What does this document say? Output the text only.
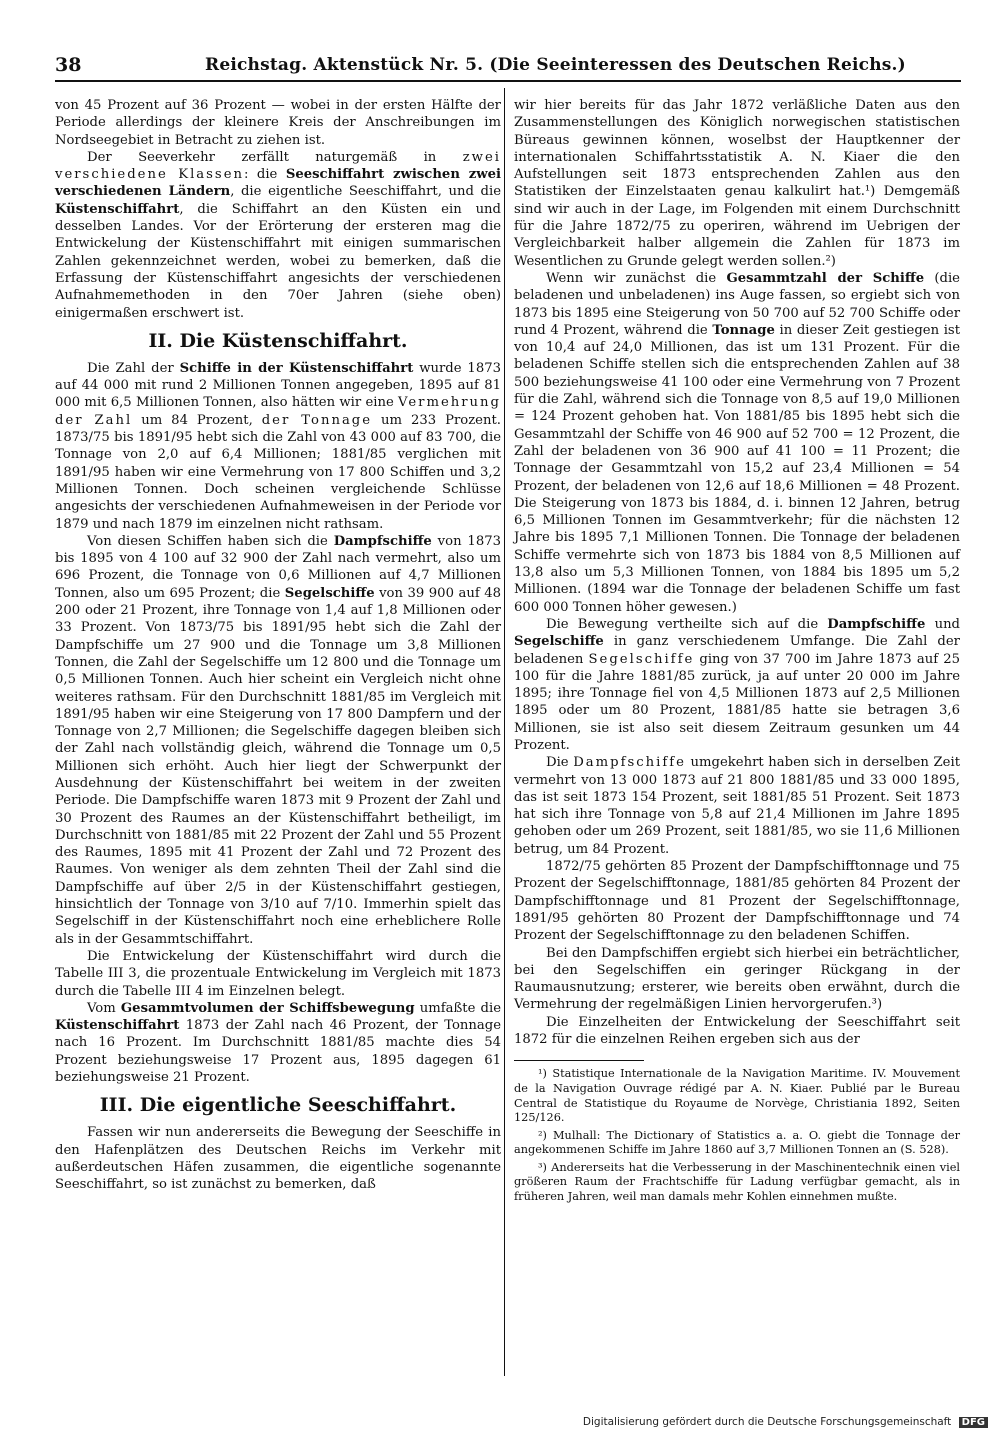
38	Reichstag. Aktenstück Nr. 5. (Die Seeinteressen des Deutschen Reichs.)

von 45 Prozent auf 36 Prozent — wobei in der ersten Hälfte der Periode allerdings der kleinere Kreis der Anschreibungen im Nordseegebiet in Betracht zu ziehen ist.

Der Seeverkehr zerfällt naturgemäß in zwei verschiedene Klassen: die Seeschiffahrt zwischen zwei verschiedenen Ländern, die eigentliche Seeschiffahrt, und die Küstenschiffahrt, die Schiffahrt an den Küsten ein und desselben Landes. Vor der Erörterung der ersteren mag die Entwickelung der Küstenschiffahrt mit einigen summarischen Zahlen gekennzeichnet werden, wobei zu bemerken, daß die Erfassung der Küstenschiffahrt angesichts der verschiedenen Aufnahmemethoden in den 70er Jahren (siehe oben) einigermaßen erschwert ist.

II. Die Küstenschiffahrt.

Die Zahl der Schiffe in der Küstenschiffahrt wurde 1873 auf 44 000 mit rund 2 Millionen Tonnen angegeben, 1895 auf 81 000 mit 6,5 Millionen Tonnen, also hätten wir eine Vermehrung der Zahl um 84 Prozent, der Tonnage um 233 Prozent. 1873/75 bis 1891/95 hebt sich die Zahl von 43 000 auf 83 700, die Tonnage von 2,0 auf 6,4 Millionen; 1881/85 verglichen mit 1891/95 haben wir eine Vermehrung von 17 800 Schiffen und 3,2 Millionen Tonnen. Doch scheinen vergleichende Schlüsse angesichts der verschiedenen Aufnahmeweisen in der Periode vor 1879 und nach 1879 im einzelnen nicht rathsam.

Von diesen Schiffen haben sich die Dampfschiffe von 1873 bis 1895 von 4 100 auf 32 900 der Zahl nach vermehrt, also um 696 Prozent, die Tonnage von 0,6 Millionen auf 4,7 Millionen Tonnen, also um 695 Prozent; die Segelschiffe von 39 900 auf 48 200 oder 21 Prozent, ihre Tonnage von 1,4 auf 1,8 Millionen oder 33 Prozent. Von 1873/75 bis 1891/95 hebt sich die Zahl der Dampfschiffe um 27 900 und die Tonnage um 3,8 Millionen Tonnen, die Zahl der Segelschiffe um 12 800 und die Tonnage um 0,5 Millionen Tonnen. Auch hier scheint ein Vergleich nicht ohne weiteres rathsam. Für den Durchschnitt 1881/85 im Vergleich mit 1891/95 haben wir eine Steigerung von 17 800 Dampfern und der Tonnage von 2,7 Millionen; die Segelschiffe dagegen bleiben sich der Zahl nach vollständig gleich, während die Tonnage um 0,5 Millionen sich erhöht. Auch hier liegt der Schwerpunkt der Ausdehnung der Küstenschiffahrt bei weitem in der zweiten Periode. Die Dampfschiffe waren 1873 mit 9 Prozent der Zahl und 30 Prozent des Raumes an der Küstenschiffahrt betheiligt, im Durchschnitt von 1881/85 mit 22 Prozent der Zahl und 55 Prozent des Raumes, 1895 mit 41 Prozent der Zahl und 72 Prozent des Raumes. Von weniger als dem zehnten Theil der Zahl sind die Dampfschiffe auf über 2/5 in der Küstenschiffahrt gestiegen, hinsichtlich der Tonnage von 3/10 auf 7/10. Immerhin spielt das Segelschiff in der Küstenschiffahrt noch eine erheblichere Rolle als in der Gesammtschiffahrt.

Die Entwickelung der Küstenschiffahrt wird durch die Tabelle III 3, die prozentuale Entwickelung im Vergleich mit 1873 durch die Tabelle III 4 im Einzelnen belegt.

Vom Gesammtvolumen der Schiffsbewegung umfaßte die Küstenschiffahrt 1873 der Zahl nach 46 Prozent, der Tonnage nach 16 Prozent. Im Durchschnitt 1881/85 machte dies 54 Prozent beziehungsweise 17 Prozent aus, 1895 dagegen 61 beziehungsweise 21 Prozent.

III. Die eigentliche Seeschiffahrt.

Fassen wir nun andererseits die Bewegung der Seeschiffe in den Hafenplätzen des Deutschen Reichs im Verkehr mit außerdeutschen Häfen zusammen, die eigentliche sogenannte Seeschiffahrt, so ist zunächst zu bemerken, daß

wir hier bereits für das Jahr 1872 verläßliche Daten aus den Zusammenstellungen des Königlich norwegischen statistischen Büreaus gewinnen können, woselbst der Hauptkenner der internationalen Schiffahrtsstatistik A. N. Kiaer die den Aufstellungen seit 1873 entsprechenden Zahlen aus den Statistiken der Einzelstaaten genau kalkulirt hat.¹) Demgemäß sind wir auch in der Lage, im Folgenden mit einem Durchschnitt für die Jahre 1872/75 zu operiren, während im Uebrigen der Vergleichbarkeit halber allgemein die Zahlen für 1873 im Wesentlichen zu Grunde gelegt werden sollen.²)

Wenn wir zunächst die Gesammtzahl der Schiffe (die beladenen und unbeladenen) ins Auge fassen, so ergiebt sich von 1873 bis 1895 eine Steigerung von 50 700 auf 52 700 Schiffe oder rund 4 Prozent, während die Tonnage in dieser Zeit gestiegen ist von 10,4 auf 24,0 Millionen, das ist um 131 Prozent. Für die beladenen Schiffe stellen sich die entsprechenden Zahlen auf 38 500 beziehungsweise 41 100 oder eine Vermehrung von 7 Prozent für die Zahl, während sich die Tonnage von 8,5 auf 19,0 Millionen = 124 Prozent gehoben hat. Von 1881/85 bis 1895 hebt sich die Gesammtzahl der Schiffe von 46 900 auf 52 700 = 12 Prozent, die Zahl der beladenen von 36 900 auf 41 100 = 11 Prozent; die Tonnage der Gesammtzahl von 15,2 auf 23,4 Millionen = 54 Prozent, der beladenen von 12,6 auf 18,6 Millionen = 48 Prozent. Die Steigerung von 1873 bis 1884, d. i. binnen 12 Jahren, betrug 6,5 Millionen Tonnen im Gesammtverkehr; für die nächsten 12 Jahre bis 1895 7,1 Millionen Tonnen. Die Tonnage der beladenen Schiffe vermehrte sich von 1873 bis 1884 von 8,5 Millionen auf 13,8 also um 5,3 Millionen Tonnen, von 1884 bis 1895 um 5,2 Millionen. (1894 war die Tonnage der beladenen Schiffe um fast 600 000 Tonnen höher gewesen.)

Die Bewegung vertheilte sich auf die Dampfschiffe und Segelschiffe in ganz verschiedenem Umfange. Die Zahl der beladenen Segelschiffe ging von 37 700 im Jahre 1873 auf 25 100 für die Jahre 1881/85 zurück, ja auf unter 20 000 im Jahre 1895; ihre Tonnage fiel von 4,5 Millionen 1873 auf 2,5 Millionen 1895 oder um 80 Prozent, 1881/85 hatte sie betragen 3,6 Millionen, sie ist also seit diesem Zeitraum gesunken um 44 Prozent.

Die Dampfschiffe umgekehrt haben sich in derselben Zeit vermehrt von 13 000 1873 auf 21 800 1881/85 und 33 000 1895, das ist seit 1873 154 Prozent, seit 1881/85 51 Prozent. Seit 1873 hat sich ihre Tonnage von 5,8 auf 21,4 Millionen im Jahre 1895 gehoben oder um 269 Prozent, seit 1881/85, wo sie 11,6 Millionen betrug, um 84 Prozent.

1872/75 gehörten 85 Prozent der Dampfschifftonnage und 75 Prozent der Segelschifftonnage, 1881/85 gehörten 84 Prozent der Dampfschifftonnage und 81 Prozent der Segelschifftonnage, 1891/95 gehörten 80 Prozent der Dampfschifftonnage und 74 Prozent der Segelschifftonnage zu den beladenen Schiffen.

Bei den Dampfschiffen ergiebt sich hierbei ein beträchtlicher, bei den Segelschiffen ein geringer Rückgang in der Raumausnutzung; ersterer, wie bereits oben erwähnt, durch die Vermehrung der regelmäßigen Linien hervorgerufen.³)

Die Einzelheiten der Entwickelung der Seeschiffahrt seit 1872 für die einzelnen Reihen ergeben sich aus der

¹) Statistique Internationale de la Navigation Maritime. IV. Mouvement de la Navigation Ouvrage rédigé par A. N. Kiaer. Publié par le Bureau Central de Statistique du Royaume de Norvège, Christiania 1892, Seiten 125/126.

²) Mulhall: The Dictionary of Statistics a. a. O. giebt die Tonnage der angekommenen Schiffe im Jahre 1860 auf 3,7 Millionen Tonnen an (S. 528).

³) Andererseits hat die Verbesserung in der Maschinentechnik einen viel größeren Raum der Frachtschiffe für Ladung verfügbar gemacht, als in früheren Jahren, weil man damals mehr Kohlen einnehmen mußte.

Digitalisierung gefördert durch die Deutsche Forschungsgemeinschaft DFG
